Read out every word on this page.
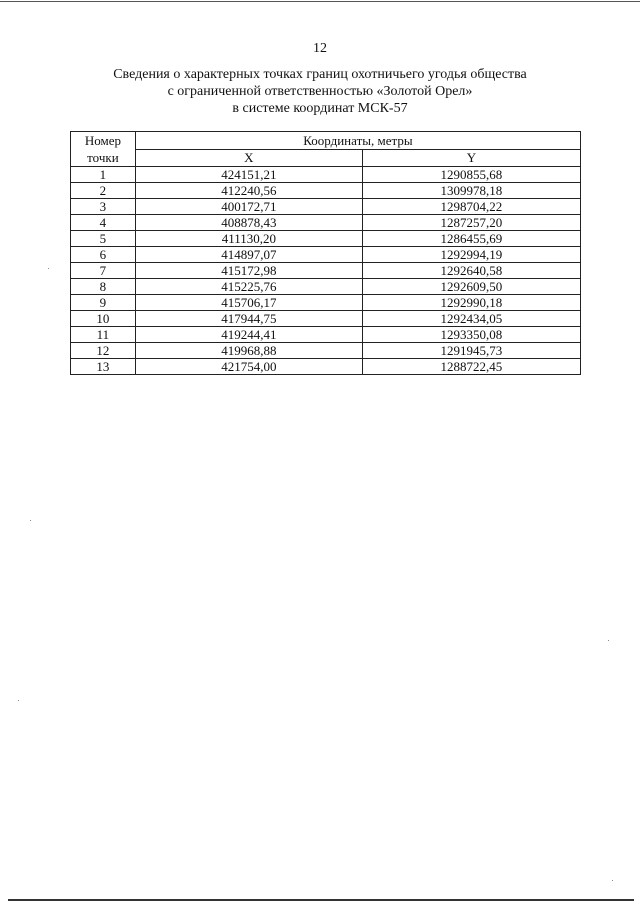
12
Сведения о характерных точках границ охотничьего угодья общества
с ограниченной ответственностью «Золотой Орел»
в системе координат МСК-57
Номер
точки	Координаты, метры	
	X	Y
1	424151,21	1290855,68
2	412240,56	1309978,18
3	400172,71	1298704,22
4	408878,43	1287257,20
5	411130,20	1286455,69
6	414897,07	1292994,19
7	415172,98	1292640,58
8	415225,76	1292609,50
9	415706,17	1292990,18
10	417944,75	1292434,05
11	419244,41	1293350,08
12	419968,88	1291945,73
13	421754,00	1288722,45
